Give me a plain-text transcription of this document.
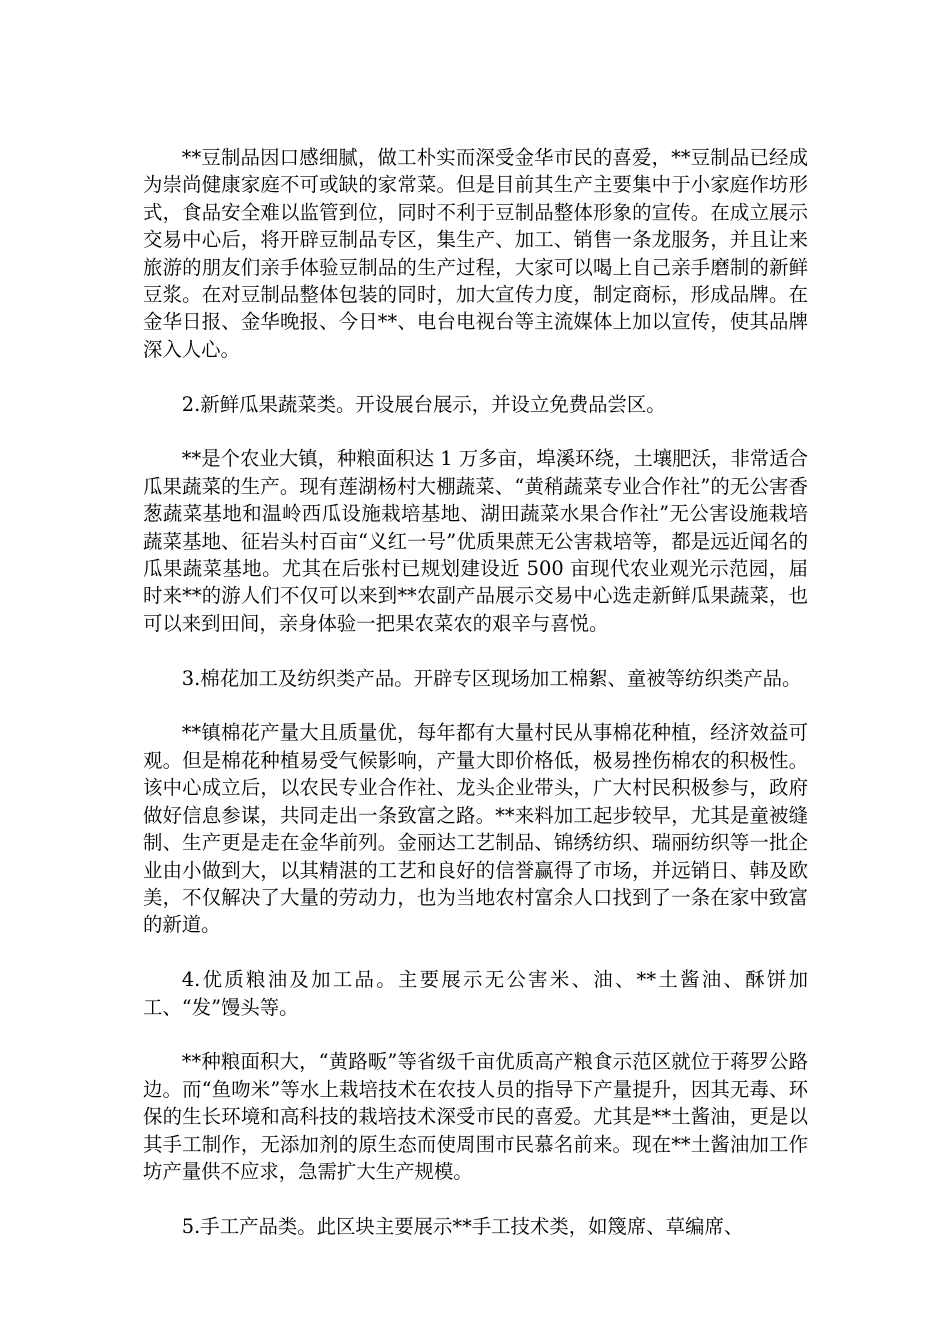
**豆制品因口感细腻，做工朴实而深受金华市民的喜爱，**豆制品已经成为崇尚健康家庭不可或缺的家常菜。但是目前其生产主要集中于小家庭作坊形式，食品安全难以监管到位，同时不利于豆制品整体形象的宣传。在成立展示交易中心后，将开辟豆制品专区，集生产、加工、销售一条龙服务，并且让来旅游的朋友们亲手体验豆制品的生产过程，大家可以喝上自己亲手磨制的新鲜豆浆。在对豆制品整体包装的同时，加大宣传力度，制定商标，形成品牌。在金华日报、金华晚报、今日**、电台电视台等主流媒体上加以宣传，使其品牌深入人心。

2.新鲜瓜果蔬菜类。开设展台展示，并设立免费品尝区。

**是个农业大镇，种粮面积达 1 万多亩，埠溪环绕，土壤肥沃，非常适合瓜果蔬菜的生产。现有莲湖杨村大棚蔬菜、“黄稍蔬菜专业合作社”的无公害香葱蔬菜基地和温岭西瓜设施栽培基地、湖田蔬菜水果合作社”无公害设施栽培蔬菜基地、征岩头村百亩“义红一号”优质果蔗无公害栽培等，都是远近闻名的瓜果蔬菜基地。尤其在后张村已规划建设近 500 亩现代农业观光示范园，届时来**的游人们不仅可以来到**农副产品展示交易中心选走新鲜瓜果蔬菜，也可以来到田间，亲身体验一把果农菜农的艰辛与喜悦。

3.棉花加工及纺织类产品。开辟专区现场加工棉絮、童被等纺织类产品。

**镇棉花产量大且质量优，每年都有大量村民从事棉花种植，经济效益可观。但是棉花种植易受气候影响，产量大即价格低，极易挫伤棉农的积极性。该中心成立后，以农民专业合作社、龙头企业带头，广大村民积极参与，政府做好信息参谋，共同走出一条致富之路。**来料加工起步较早，尤其是童被缝制、生产更是走在金华前列。金丽达工艺制品、锦绣纺织、瑞丽纺织等一批企业由小做到大，以其精湛的工艺和良好的信誉赢得了市场，并远销日、韩及欧美，不仅解决了大量的劳动力，也为当地农村富余人口找到了一条在家中致富的新道。

4.优质粮油及加工品。主要展示无公害米、油、**土酱油、酥饼加工、“发”馒头等。

**种粮面积大，“黄路畈”等省级千亩优质高产粮食示范区就位于蒋罗公路边。而“鱼吻米”等水上栽培技术在农技人员的指导下产量提升，因其无毒、环保的生长环境和高科技的栽培技术深受市民的喜爱。尤其是**土酱油，更是以其手工制作，无添加剂的原生态而使周围市民慕名前来。现在**土酱油加工作坊产量供不应求，急需扩大生产规模。

5.手工产品类。此区块主要展示**手工技术类，如篾席、草编席、
